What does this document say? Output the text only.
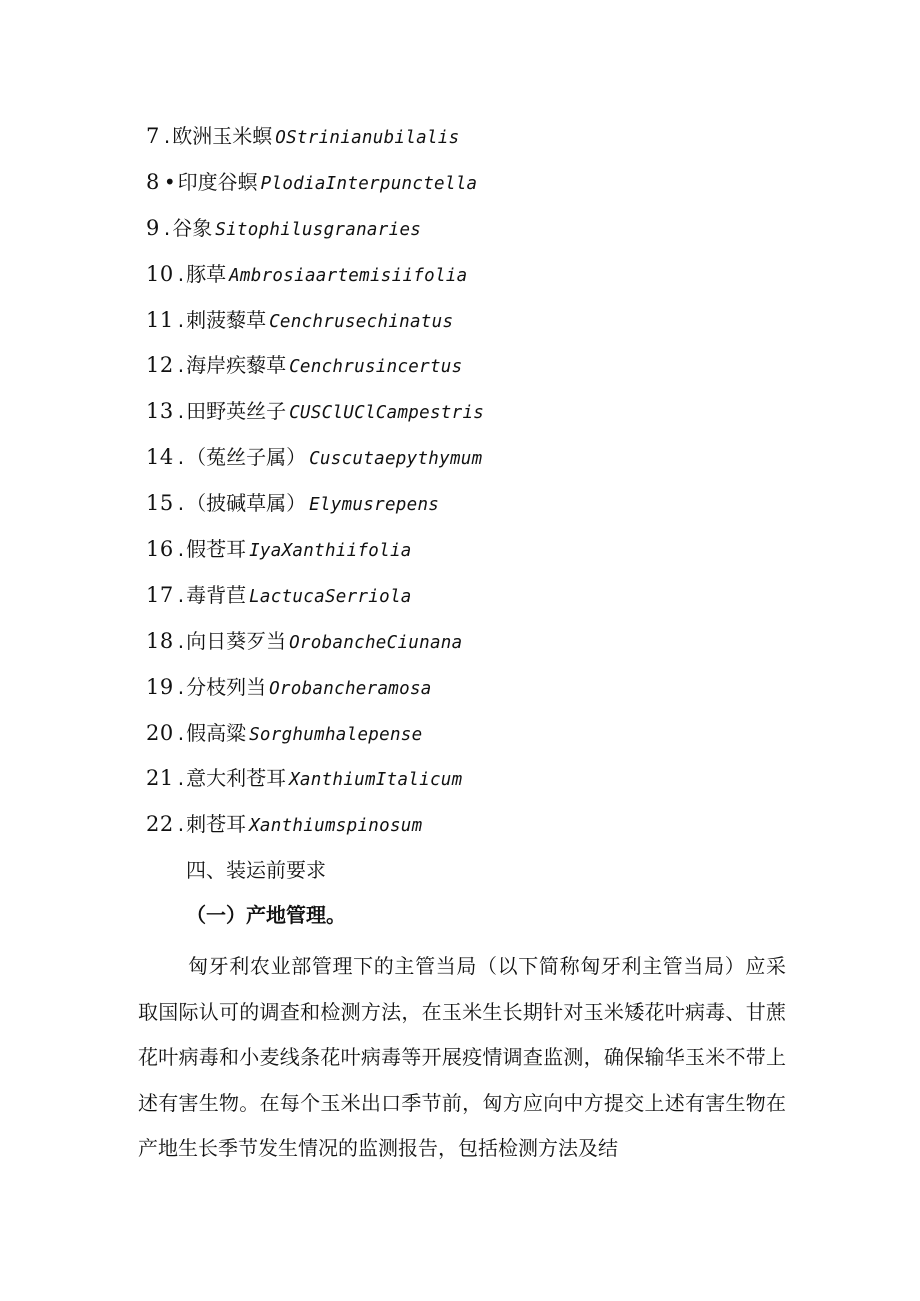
7 . 欧洲玉米螟 OStrinianubilalis
8 • 印度谷螟 PlodiaInterpunctella
9 . 谷象 Sitophilusgranaries
10 . 豚草 Ambrosiaartemisiifolia
11 . 刺菠藜草 Cenchrusechinatus
12 . 海岸疾藜草 Cenchrusincertus
13 . 田野英丝子 CUSClUClCampestris
14 . （菟丝子属） Cuscutaepythymum
15 . （披碱草属） Elymusrepens
16 . 假苍耳 IyaXanthiifolia
17 . 毒背苣 LactucaSerriola
18 . 向日葵歹当 OrobancheCiunana
19 . 分枝列当 Orobancheramosa
20 . 假高粱 Sorghumhalepense
21 . 意大利苍耳 XanthiumItalicum
22 . 刺苍耳 Xanthiumspinosum
四、装运前要求
（一）产地管理。

匈牙利农业部管理下的主管当局（以下简称匈牙利主管当局）应采取国际认可的调查和检测方法，在玉米生长期针对玉米矮花叶病毒、甘蔗花叶病毒和小麦线条花叶病毒等开展疫情调查监测，确保输华玉米不带上述有害生物。在每个玉米出口季节前，匈方应向中方提交上述有害生物在产地生长季节发生情况的监测报告，包括检测方法及结
